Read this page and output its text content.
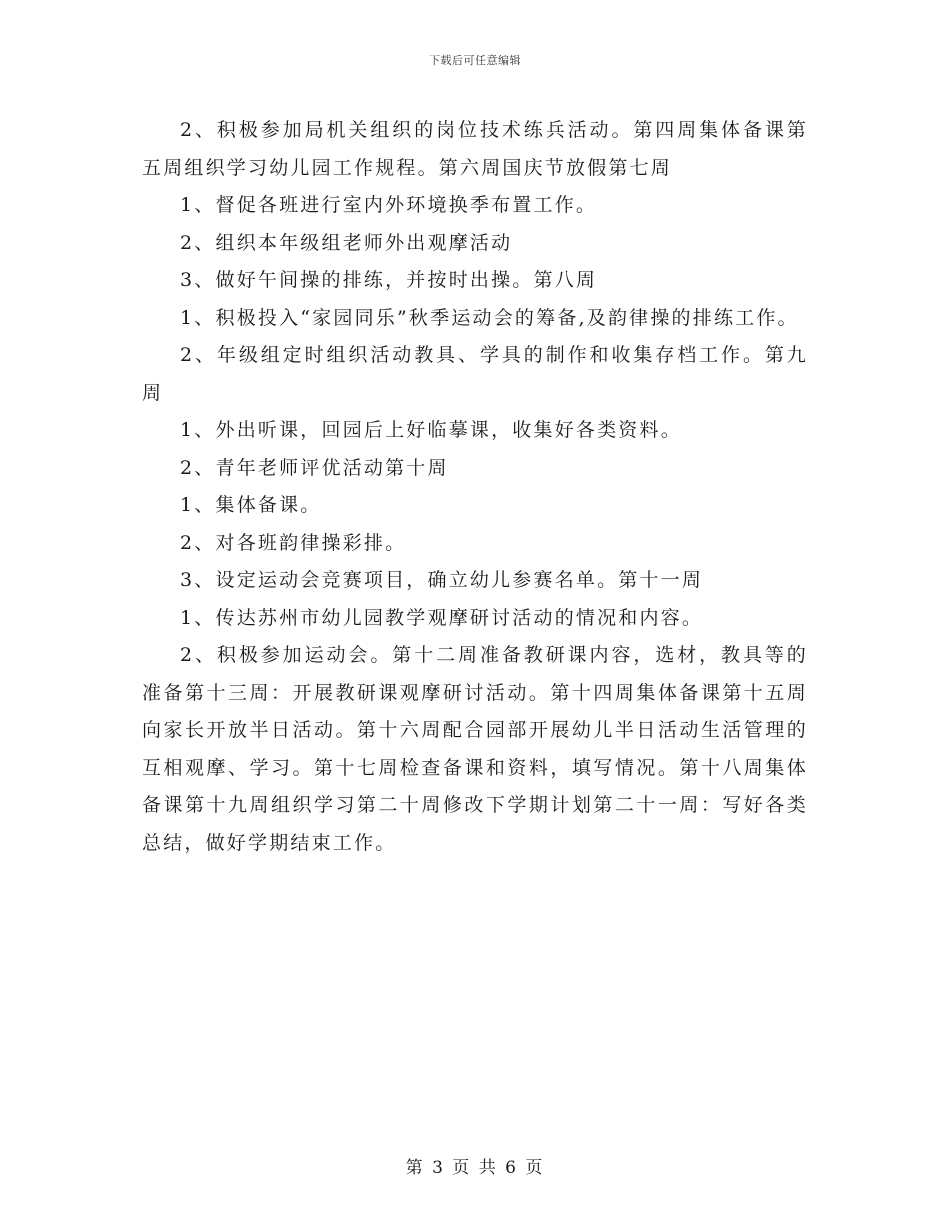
下载后可任意编辑

2、积极参加局机关组织的岗位技术练兵活动。第四周集体备课第五周组织学习幼儿园工作规程。第六周国庆节放假第七周

1、督促各班进行室内外环境换季布置工作。

2、组织本年级组老师外出观摩活动

3、做好午间操的排练，并按时出操。第八周

1、积极投入“家园同乐”秋季运动会的筹备,及韵律操的排练工作。

2、年级组定时组织活动教具、学具的制作和收集存档工作。第九周

1、外出听课，回园后上好临摹课，收集好各类资料。

2、青年老师评优活动第十周

1、集体备课。

2、对各班韵律操彩排。

3、设定运动会竞赛项目，确立幼儿参赛名单。第十一周

1、传达苏州市幼儿园教学观摩研讨活动的情况和内容。

2、积极参加运动会。第十二周准备教研课内容，选材，教具等的准备第十三周：开展教研课观摩研讨活动。第十四周集体备课第十五周向家长开放半日活动。第十六周配合园部开展幼儿半日活动生活管理的互相观摩、学习。第十七周检查备课和资料，填写情况。第十八周集体备课第十九周组织学习第二十周修改下学期计划第二十一周：写好各类总结，做好学期结束工作。

第 3 页 共 6 页
